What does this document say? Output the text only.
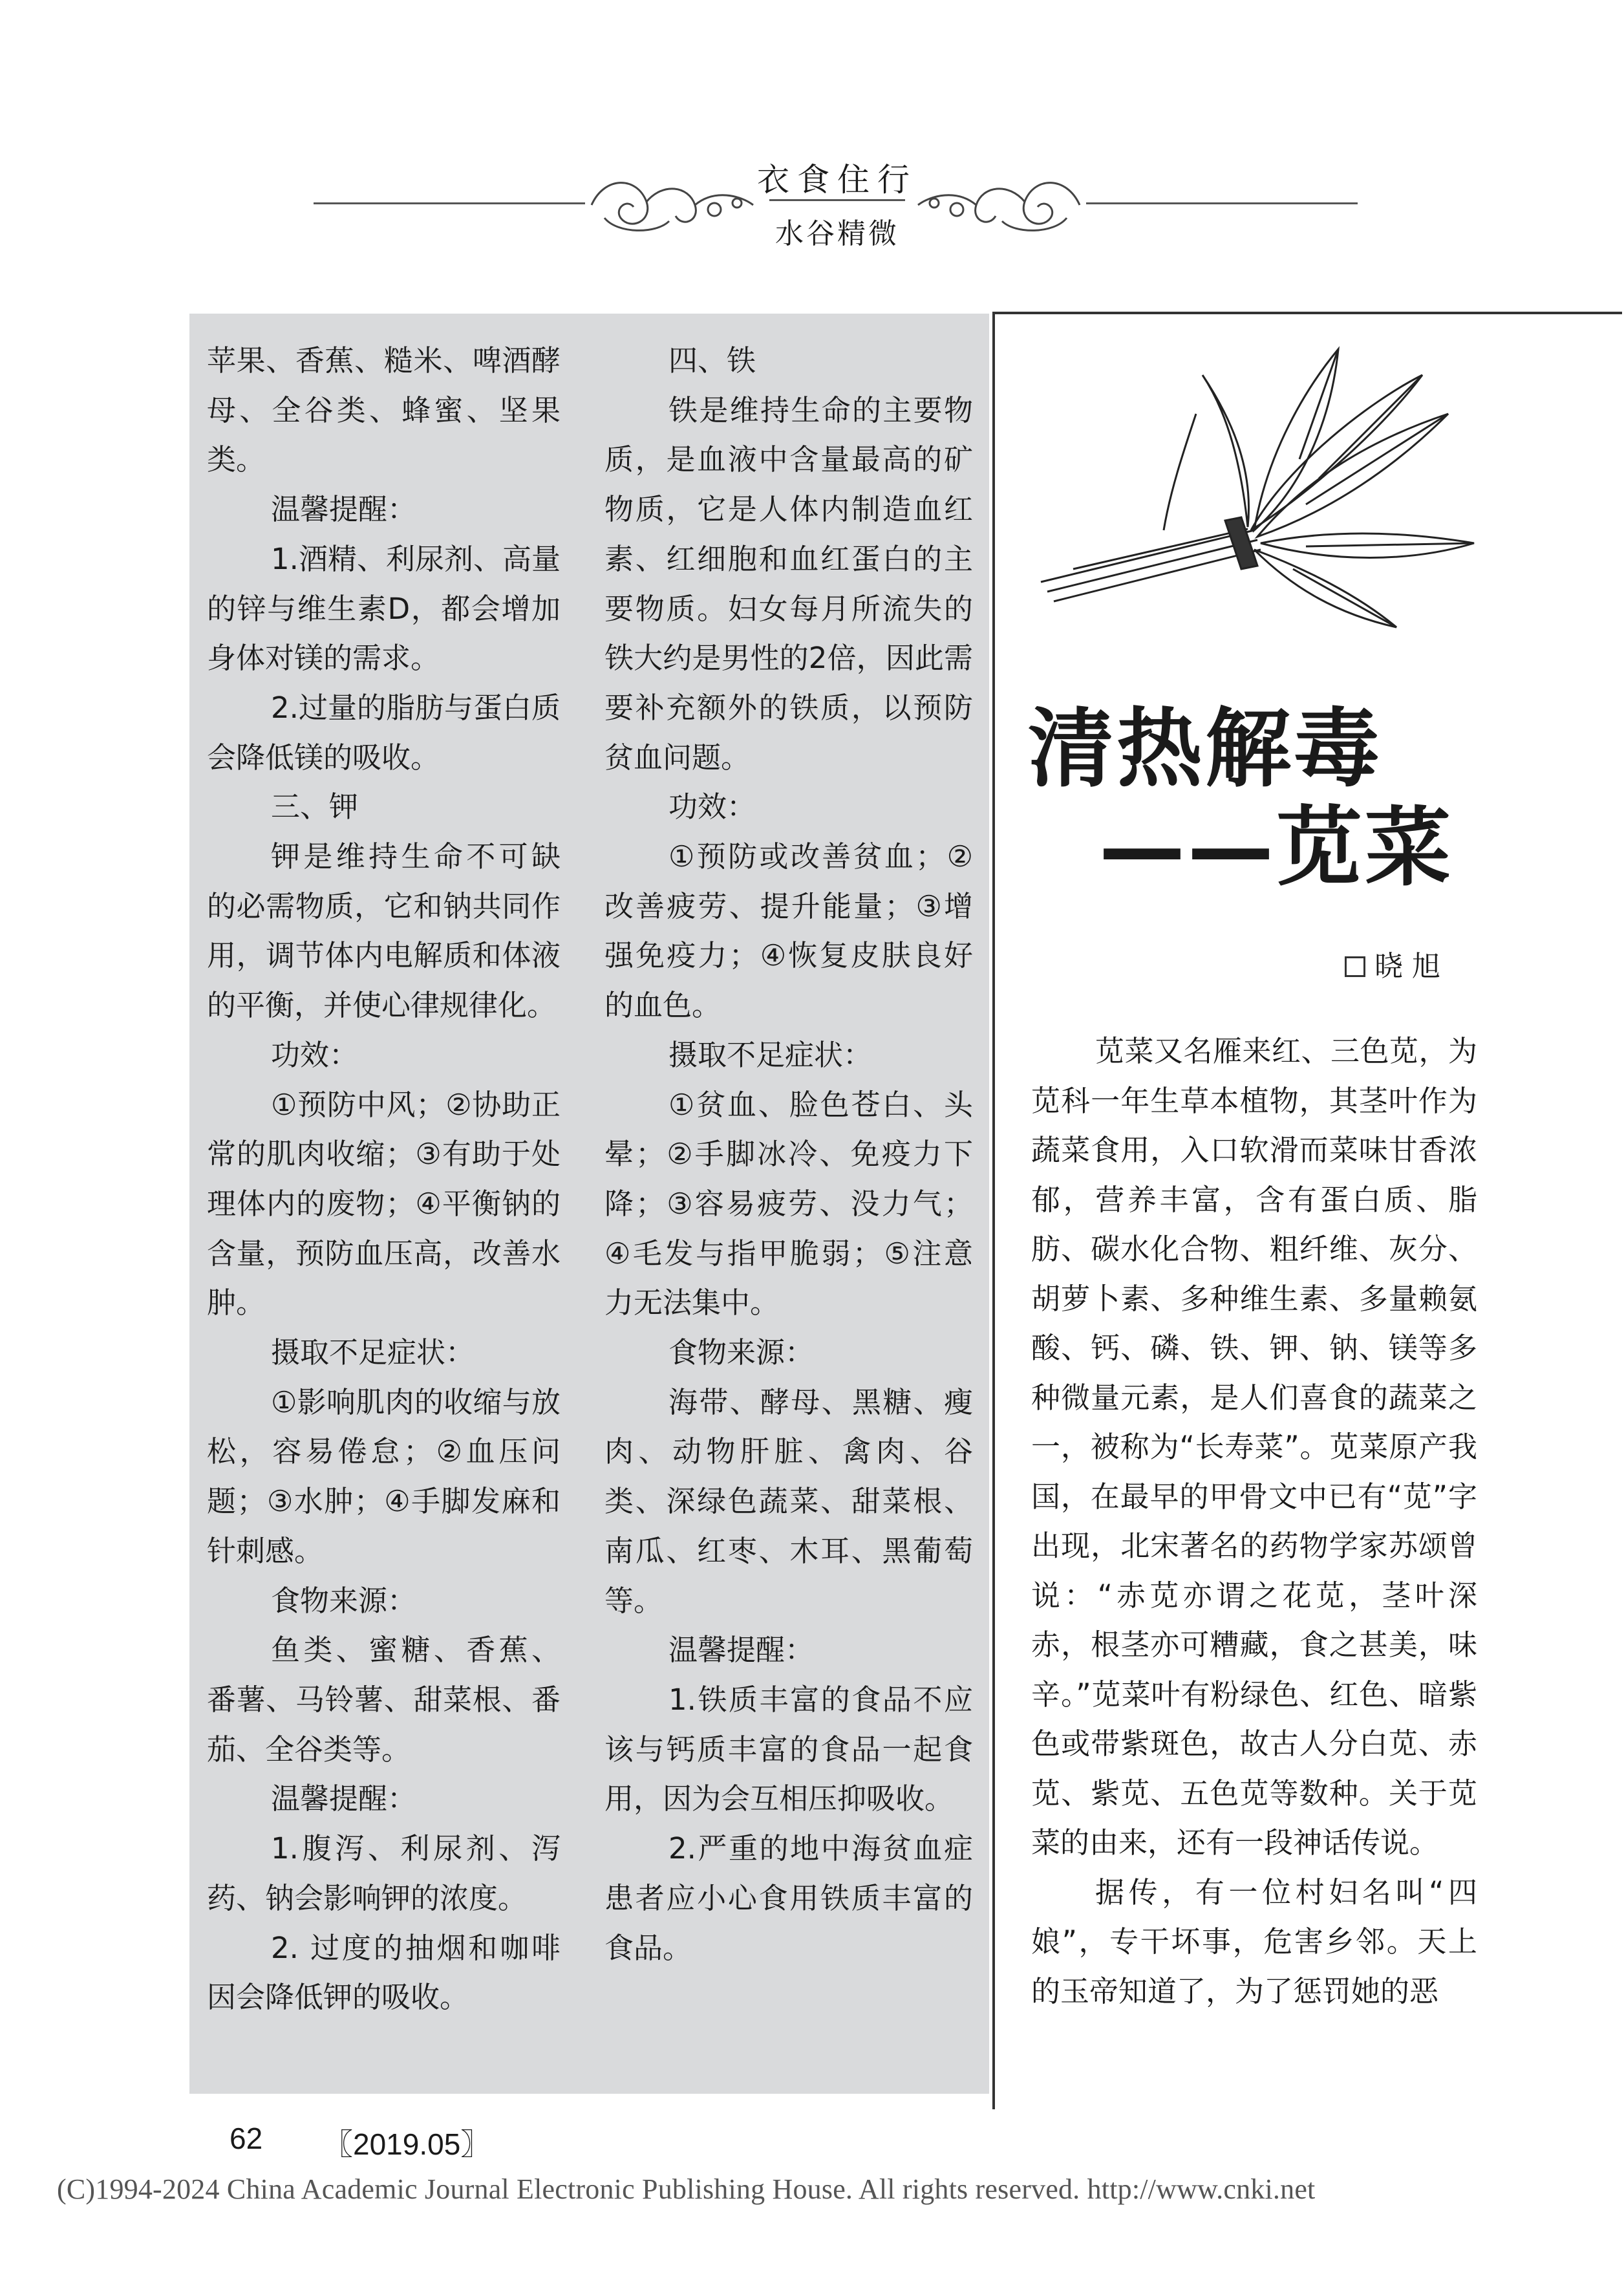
衣食住行
水谷精微

苹果、香蕉、糙米、啤酒酵母、全谷类、蜂蜜、坚果类。

温馨提醒：

1.酒精、利尿剂、高量的锌与维生素D，都会增加身体对镁的需求。

2.过量的脂肪与蛋白质会降低镁的吸收。

三、钾

钾是维持生命不可缺的必需物质，它和钠共同作用，调节体内电解质和体液的平衡，并使心律规律化。

功效：

①预防中风；②协助正常的肌肉收缩；③有助于处理体内的废物；④平衡钠的含量，预防血压高，改善水肿。

摄取不足症状：

①影响肌肉的收缩与放松，容易倦怠；②血压问题；③水肿；④手脚发麻和针刺感。

食物来源：

鱼类、蜜糖、香蕉、番薯、马铃薯、甜菜根、番茄、全谷类等。

温馨提醒：

1.腹泻、利尿剂、泻药、钠会影响钾的浓度。

2. 过度的抽烟和咖啡因会降低钾的吸收。

四、铁

铁是维持生命的主要物质，是血液中含量最高的矿物质，它是人体内制造血红素、红细胞和血红蛋白的主要物质。妇女每月所流失的铁大约是男性的2倍，因此需要补充额外的铁质，以预防贫血问题。

功效：

①预防或改善贫血；②改善疲劳、提升能量；③增强免疫力；④恢复皮肤良好的血色。

摄取不足症状：

①贫血、脸色苍白、头晕；②手脚冰冷、免疫力下降；③容易疲劳、没力气；④毛发与指甲脆弱；⑤注意力无法集中。

食物来源：

海带、酵母、黑糖、瘦肉、动物肝脏、禽肉、谷类、深绿色蔬菜、甜菜根、南瓜、红枣、木耳、黑葡萄等。

温馨提醒：

1.铁质丰富的食品不应该与钙质丰富的食品一起食用，因为会互相压抑吸收。

2.严重的地中海贫血症患者应小心食用铁质丰富的食品。

清热解毒
——苋菜
晓 旭

苋菜又名雁来红、三色苋，为苋科一年生草本植物，其茎叶作为蔬菜食用，入口软滑而菜味甘香浓郁，营养丰富，含有蛋白质、脂肪、碳水化合物、粗纤维、灰分、胡萝卜素、多种维生素、多量赖氨酸、钙、磷、铁、钾、钠、镁等多种微量元素，是人们喜食的蔬菜之一，被称为“长寿菜”。苋菜原产我国，在最早的甲骨文中已有“苋”字出现，北宋著名的药物学家苏颂曾说：“赤苋亦谓之花苋，茎叶深赤，根茎亦可糟藏，食之甚美，味辛。”苋菜叶有粉绿色、红色、暗紫色或带紫斑色，故古人分白苋、赤苋、紫苋、五色苋等数种。关于苋菜的由来，还有一段神话传说。

据传，有一位村妇名叫“四娘”，专干坏事，危害乡邻。天上的玉帝知道了，为了惩罚她的恶

62 〖2019.05〗
(C)1994-2024 China Academic Journal Electronic Publishing House. All rights reserved. http://www.cnki.net
